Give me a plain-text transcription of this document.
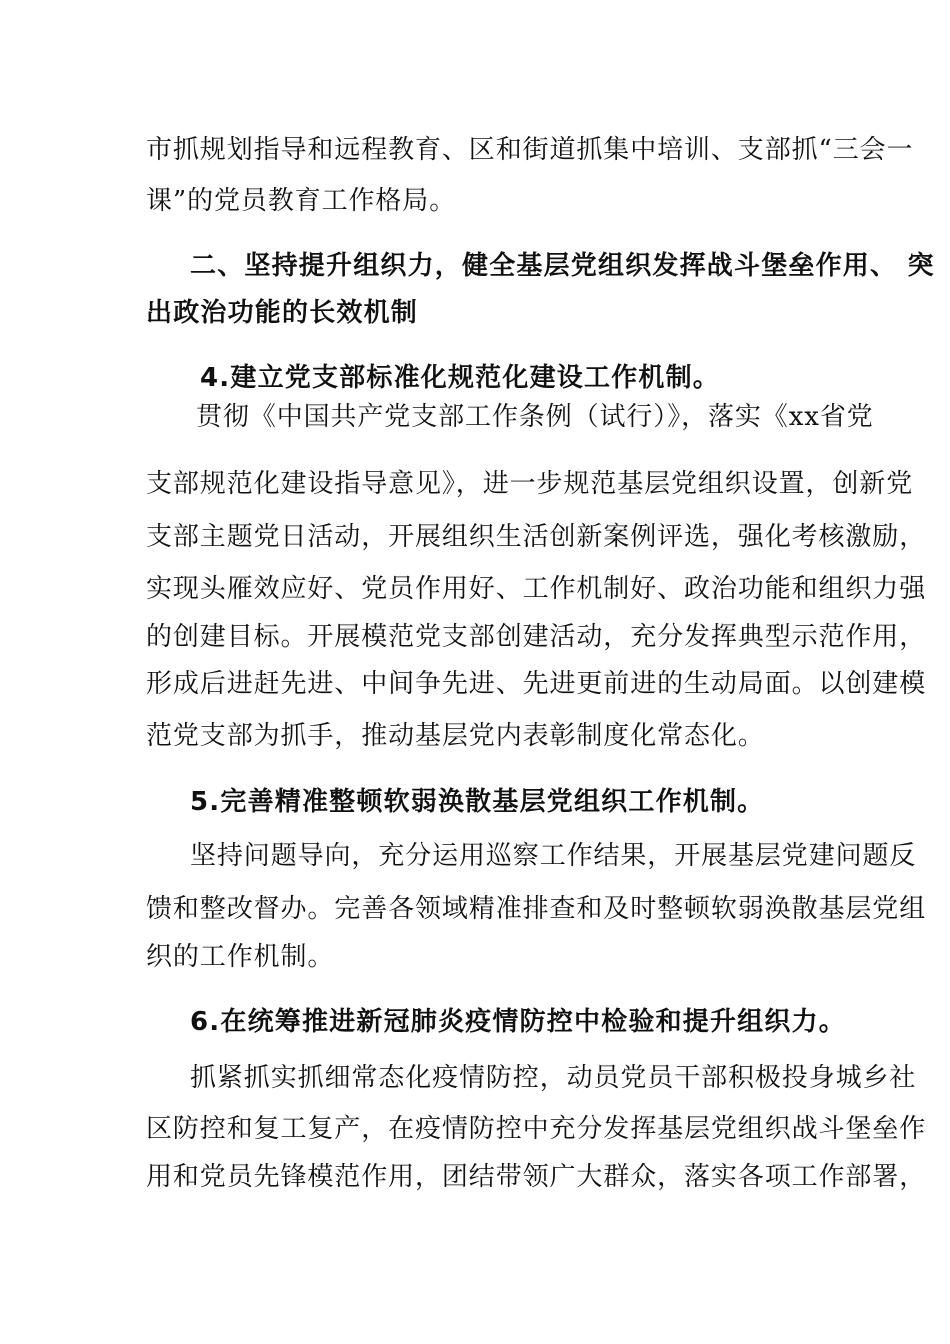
市抓规划指导和远程教育、区和街道抓集中培训、支部抓“三会一
课”的党员教育工作格局。
二、坚持提升组织力，健全基层党组织发挥战斗堡垒作用、 突
出政治功能的长效机制
4.建立党支部标准化规范化建设工作机制。
贯彻《中国共产党支部工作条例（试行）》，落实《xx省党
支部规范化建设指导意见》，进一步规范基层党组织设置，创新党
支部主题党日活动，开展组织生活创新案例评选，强化考核激励，
实现头雁效应好、党员作用好、工作机制好、政治功能和组织力强
的创建目标。开展模范党支部创建活动，充分发挥典型示范作用，
形成后进赶先进、中间争先进、先进更前进的生动局面。以创建模
范党支部为抓手，推动基层党内表彰制度化常态化。
5.完善精准整顿软弱涣散基层党组织工作机制。
坚持问题导向，充分运用巡察工作结果，开展基层党建问题反
馈和整改督办。完善各领域精准排查和及时整顿软弱涣散基层党组
织的工作机制。
6.在统筹推进新冠肺炎疫情防控中检验和提升组织力。
抓紧抓实抓细常态化疫情防控，动员党员干部积极投身城乡社
区防控和复工复产，在疫情防控中充分发挥基层党组织战斗堡垒作
用和党员先锋模范作用，团结带领广大群众，落实各项工作部署，
